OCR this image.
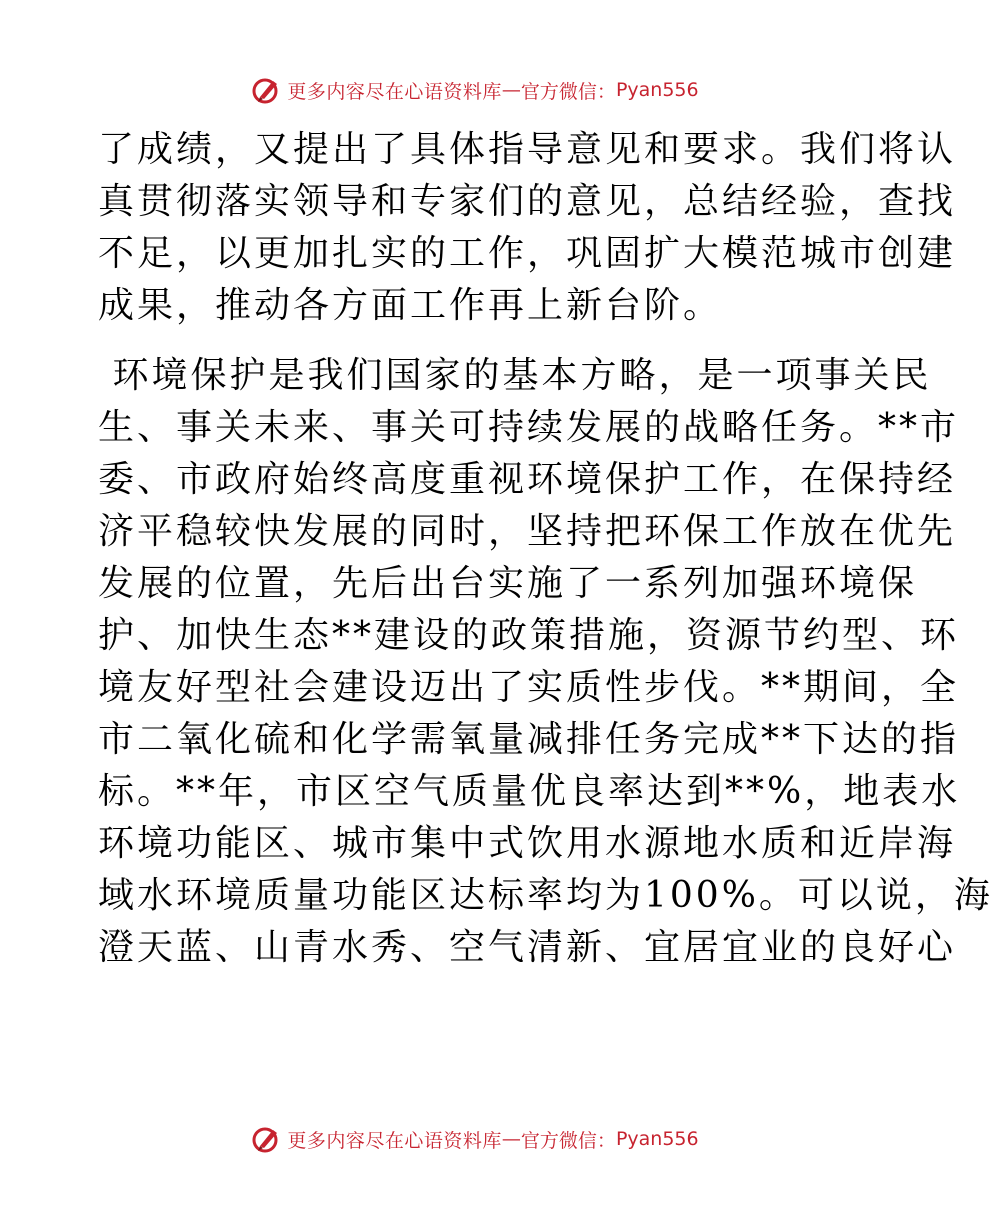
更多内容尽在心语资料库 — 官方微信： Pyan556
了成绩，又提出了具体指导意见和要求。我们将认
真贯彻落实领导和专家们的意见，总结经验，查找
不足，以更加扎实的工作，巩固扩大模范城市创建
成果，推动各方面工作再上新台阶。
环境保护是我们国家的基本方略，是一项事关民
生、事关未来、事关可持续发展的战略任务。**市
委、市政府始终高度重视环境保护工作，在保持经
济平稳较快发展的同时，坚持把环保工作放在优先
发展的位置，先后出台实施了一系列加强环境保
护、加快生态**建设的政策措施，资源节约型、环
境友好型社会建设迈出了实质性步伐。**期间，全
市二氧化硫和化学需氧量减排任务完成**下达的指
标。**年，市区空气质量优良率达到**%，地表水
环境功能区、城市集中式饮用水源地水质和近岸海
域水环境质量功能区达标率均为100%。可以说，海
澄天蓝、山青水秀、空气清新、宜居宜业的良好心
更多内容尽在心语资料库 — 官方微信： Pyan556
